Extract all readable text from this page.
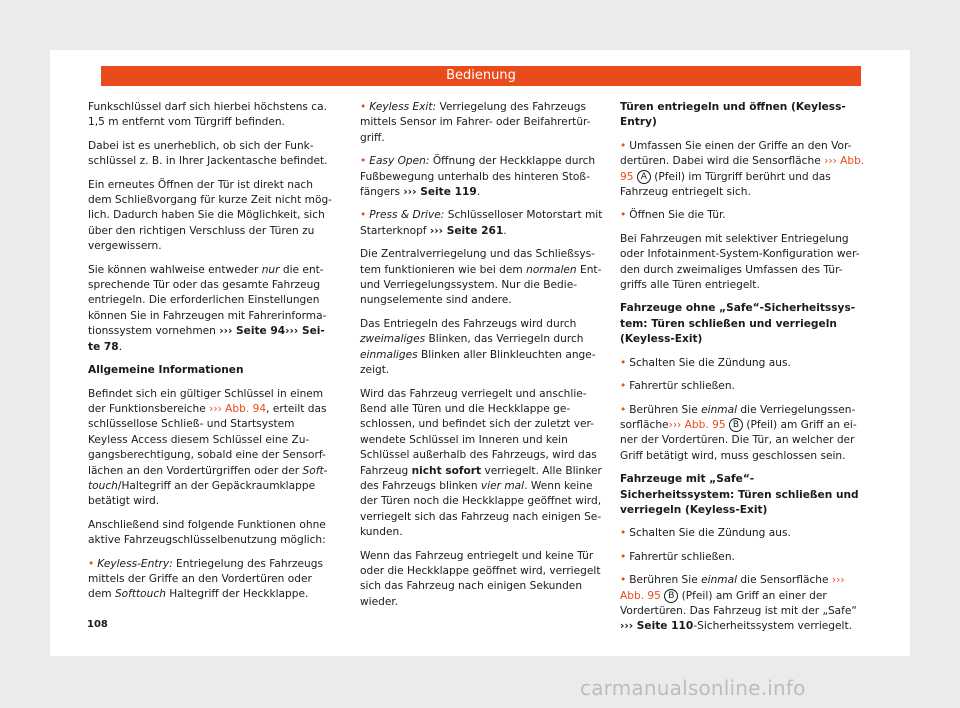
Bedienung

Funkschlüssel darf sich hierbei höchstens ca. 1,5 m entfernt vom Türgriff befinden.

Dabei ist es unerheblich, ob sich der Funk-schlüssel z. B. in Ihrer Jackentasche befindet.

Ein erneutes Öffnen der Tür ist direkt nach dem Schließvorgang für kurze Zeit nicht mög-lich. Dadurch haben Sie die Möglichkeit, sich über den richtigen Verschluss der Türen zu vergewissern.

Sie können wahlweise entweder nur die ent-sprechende Tür oder das gesamte Fahrzeug entriegeln. Die erforderlichen Einstellungen können Sie in Fahrzeugen mit Fahrerinforma-tionssystem vornehmen ››› Seite 94››› Sei-te 78.

Allgemeine Informationen

Befindet sich ein gültiger Schlüssel in einem der Funktionsbereiche ››› Abb. 94, erteilt das schlüssellose Schließ- und Startsystem Keyless Access diesem Schlüssel eine Zu-gangsberechtigung, sobald eine der Sensorf-lächen an den Vordertürgriffen oder der Soft-touch/Haltegriff an der Gepäckraumklappe betätigt wird.

Anschließend sind folgende Funktionen ohne aktive Fahrzeugschlüsselbenutzung möglich:

• Keyless-Entry: Entriegelung des Fahrzeugs mittels der Griffe an den Vordertüren oder dem Softtouch Haltegriff der Heckklappe.

• Keyless Exit: Verriegelung des Fahrzeugs mittels Sensor im Fahrer- oder Beifahrertür-griff.

• Easy Open: Öffnung der Heckklappe durch Fußbewegung unterhalb des hinteren Stoß-fängers ››› Seite 119.

• Press & Drive: Schlüsselloser Motorstart mit Starterknopf ››› Seite 261.

Die Zentralverriegelung und das Schließsys-tem funktionieren wie bei dem normalen Ent- und Verriegelungssystem. Nur die Bedie-nungselemente sind andere.

Das Entriegeln des Fahrzeugs wird durch zweimaliges Blinken, das Verriegeln durch einmaliges Blinken aller Blinkleuchten ange-zeigt.

Wird das Fahrzeug verriegelt und anschlie-ßend alle Türen und die Heckklappe ge-schlossen, und befindet sich der zuletzt ver-wendete Schlüssel im Inneren und kein Schlüssel außerhalb des Fahrzeugs, wird das Fahrzeug nicht sofort verriegelt. Alle Blinker des Fahrzeugs blinken vier mal. Wenn keine der Türen noch die Heckklappe geöffnet wird, verriegelt sich das Fahrzeug nach einigen Se-kunden.

Wenn das Fahrzeug entriegelt und keine Tür oder die Heckklappe geöffnet wird, verriegelt sich das Fahrzeug nach einigen Sekunden wieder.

Türen entriegeln und öffnen (Keyless-Entry)

• Umfassen Sie einen der Griffe an den Vor-dertüren. Dabei wird die Sensorfläche ››› Abb. 95 A (Pfeil) im Türgriff berührt und das Fahrzeug entriegelt sich.

• Öffnen Sie die Tür.

Bei Fahrzeugen mit selektiver Entriegelung oder Infotainment-System-Konfiguration wer-den durch zweimaliges Umfassen des Tür-griffs alle Türen entriegelt.

Fahrzeuge ohne „Safe“-Sicherheitssys-tem: Türen schließen und verriegeln (Keyless-Exit)

• Schalten Sie die Zündung aus.

• Fahrertür schließen.

• Berühren Sie einmal die Verriegelungssen-sorfläche››› Abb. 95 B (Pfeil) am Griff an ei-ner der Vordertüren. Die Tür, an welcher der Griff betätigt wird, muss geschlossen sein.

Fahrzeuge mit „Safe“-Sicherheitssystem: Türen schließen und verriegeln (Keyless-Exit)

• Schalten Sie die Zündung aus.

• Fahrertür schließen.

• Berühren Sie einmal die Sensorfläche ››› Abb. 95 B (Pfeil) am Griff an einer der Vordertüren. Das Fahrzeug ist mit der „Safe“ ››› Seite 110-Sicherheitssystem verriegelt.

108
carmanualsonline.info
